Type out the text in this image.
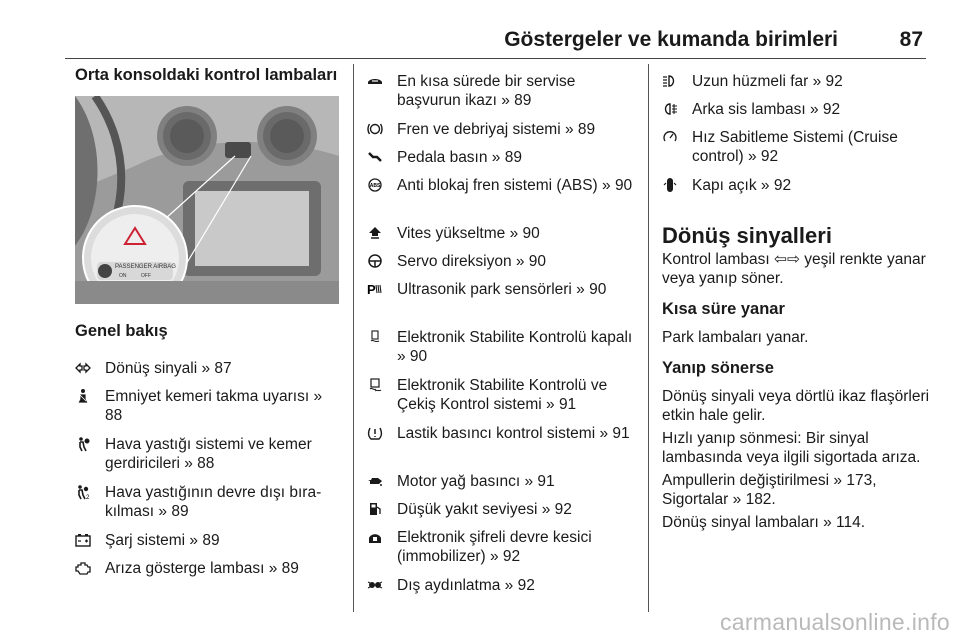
Göstergeler ve kumanda birimleri	87
Orta konsoldaki kontrol lambaları
PASSENGER AIRBAG
ON	OFF
Genel bakış
Dönüş sinyali » 87
Emniyet kemeri takma uyarısı » 88
Hava yastığı sistemi ve kemer gerdiricileri » 88
2 Hava yastığının devre dışı bırakılması » 89
Şarj sistemi » 89
Arıza gösterge lambası » 89
En kısa sürede bir servise başvurun ikazı » 89
Fren ve debriyaj sistemi » 89
Pedala basın » 89
ABS Anti blokaj fren sistemi (ABS) » 90
Vites yükseltme » 90
Servo direksiyon » 90
P Ultrasonik park sensörleri » 90
Elektronik Stabilite Kontrolü kapalı » 90
Elektronik Stabilite Kontrolü ve Çekiş Kontrol sistemi » 91
Lastik basıncı kontrol sistemi » 91
Motor yağ basıncı » 91
Düşük yakıt seviyesi » 92
Elektronik şifreli devre kesici (immobilizer) » 92
Dış aydınlatma » 92
Uzun hüzmeli far » 92
Arka sis lambası » 92
Hız Sabitleme Sistemi (Cruise control) » 92
Kapı açık » 92
Dönüş sinyalleri
Kontrol lambası ⇦⇨ yeşil renkte yanar veya yanıp söner.
Kısa süre yanar
Park lambaları yanar.
Yanıp sönerse
Dönüş sinyali veya dörtlü ikaz flaşörleri etkin hale gelir.
Hızlı yanıp sönmesi: Bir sinyal lambasında veya ilgili sigortada arıza.
Ampullerin değiştirilmesi » 173, Sigortalar » 182.
Dönüş sinyal lambaları » 114.
carmanualsonline.info
